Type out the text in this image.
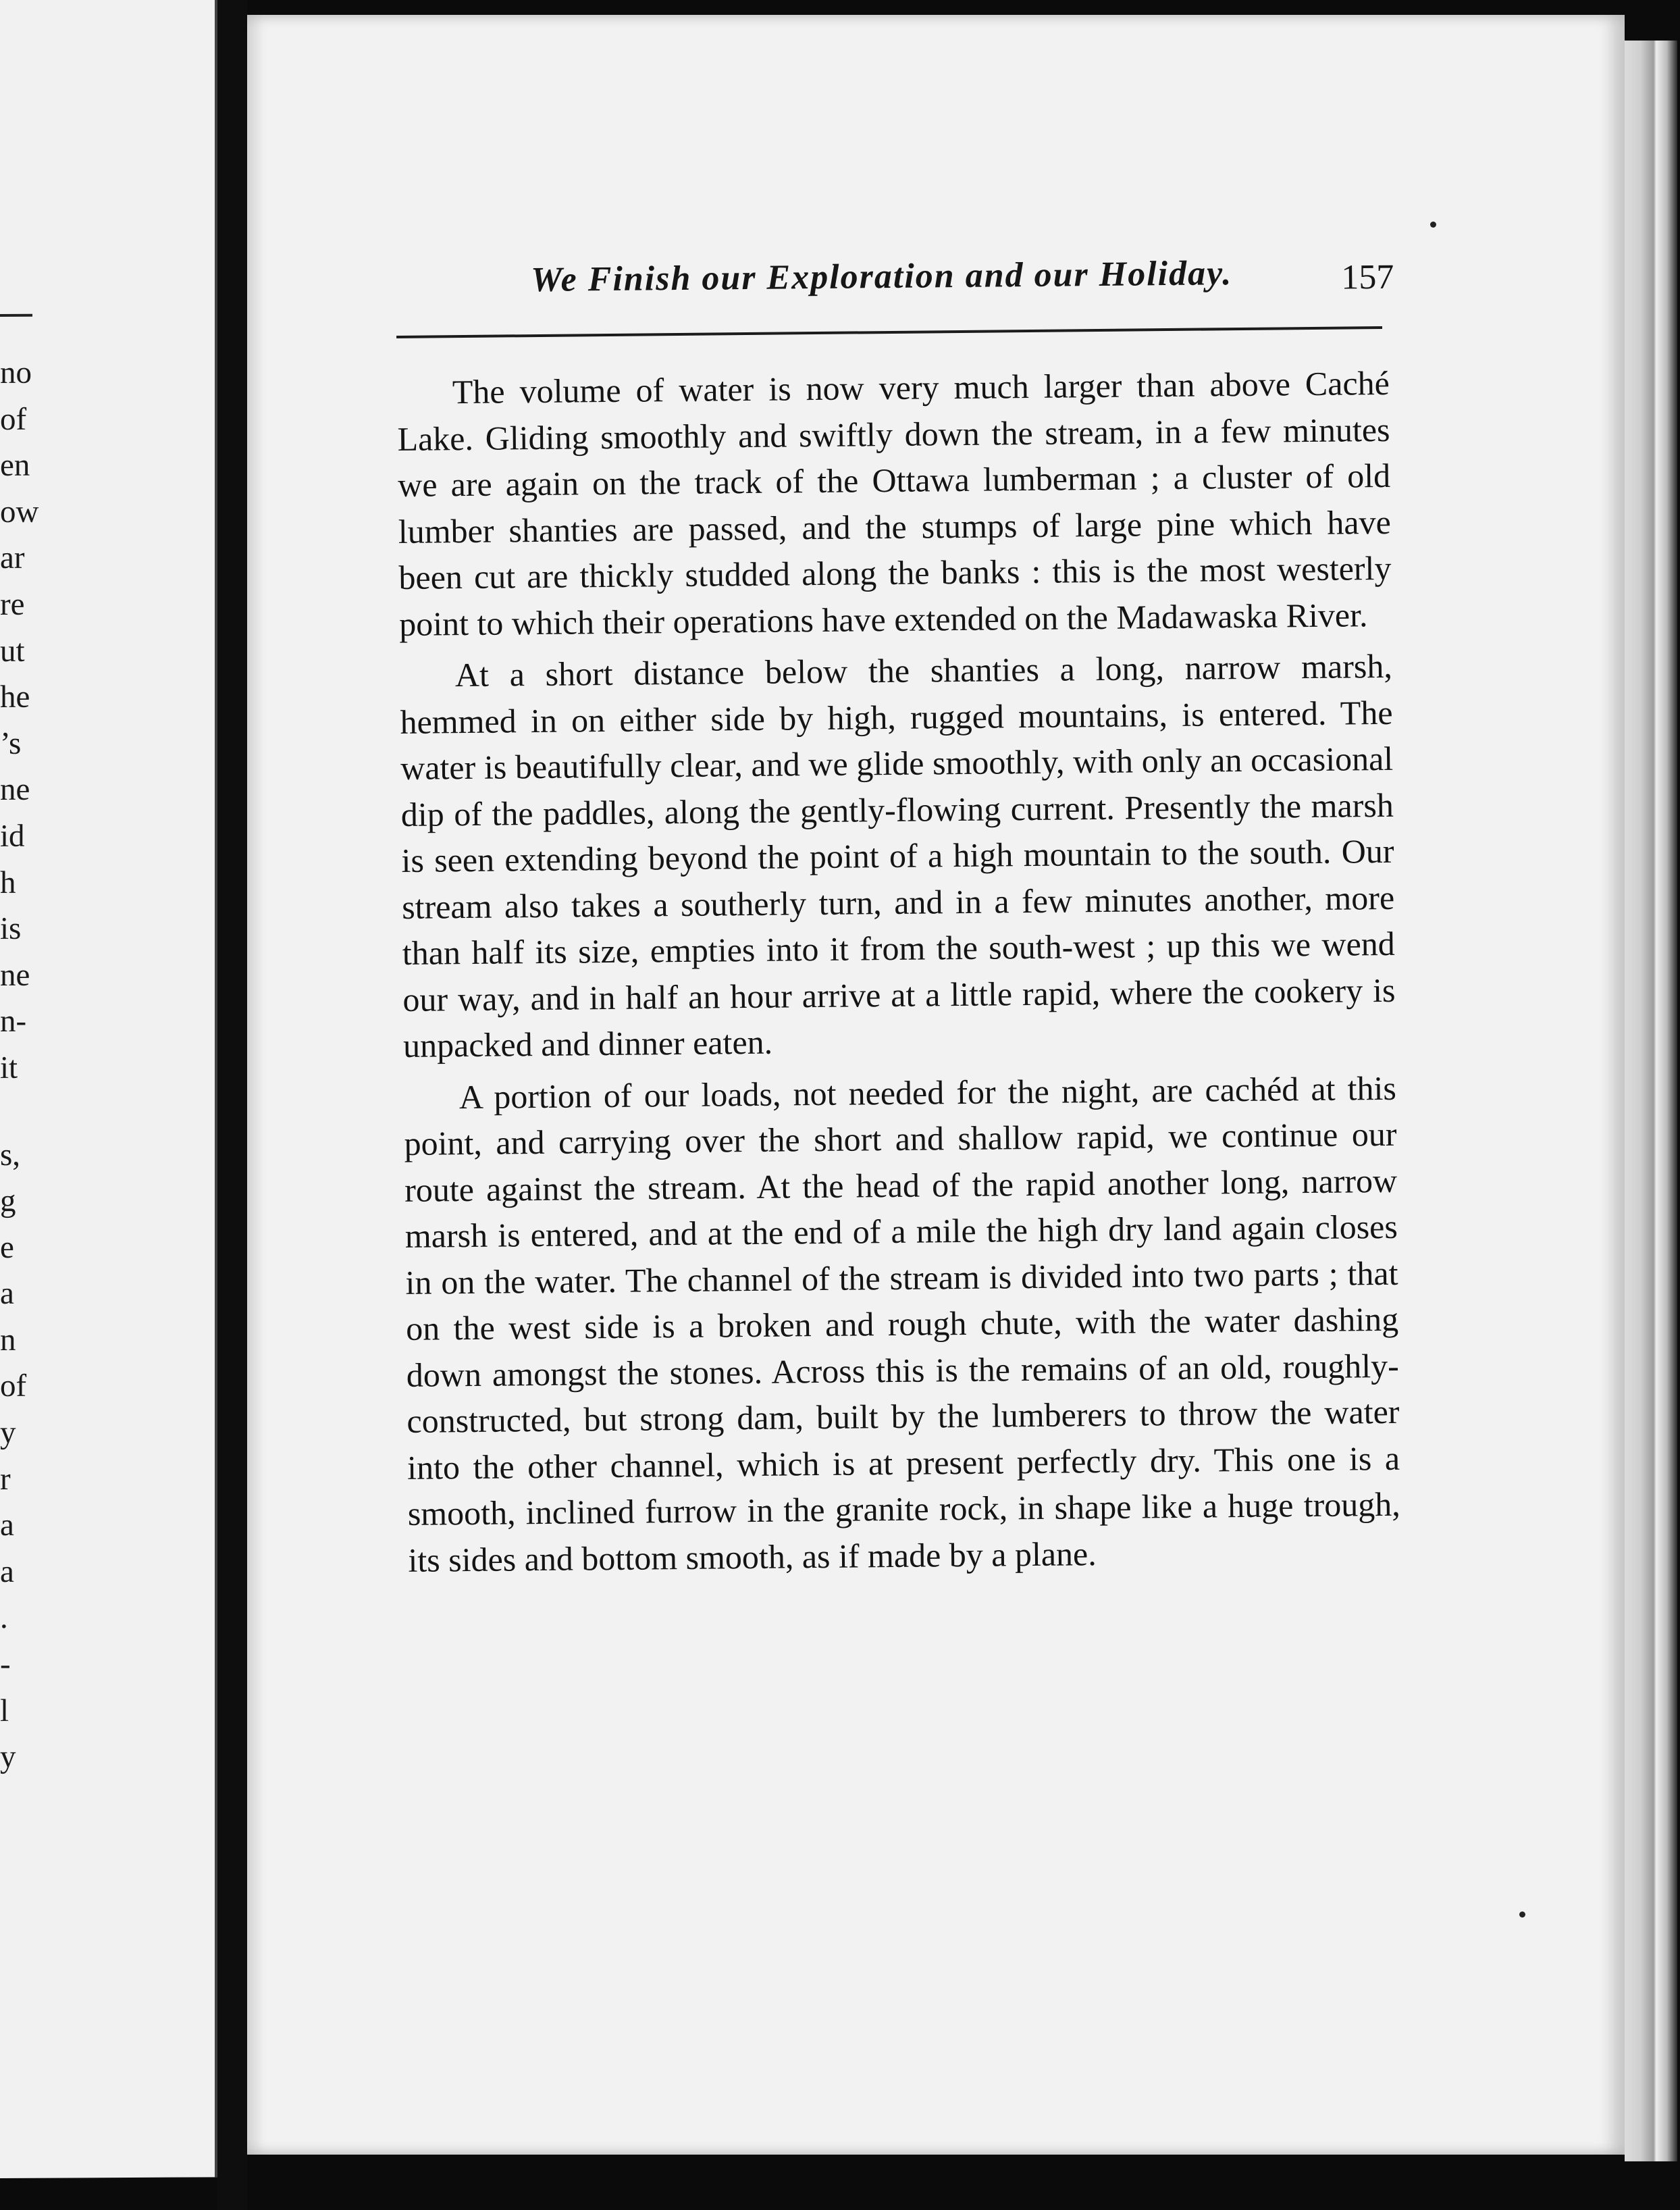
no
of
en
ow
ar
re
ut
he
’s
ne
id
h
is
ne
n-
it
s,
g
e
a
n
of
y
r
a
a
.
-
l
y
We Finish our Exploration and our Holiday.	157

The volume of water is now very much larger than above Caché Lake. Gliding smoothly and swiftly down the stream, in a few minutes we are again on the track of the Ottawa lumberman ; a cluster of old lumber shanties are passed, and the stumps of large pine which have been cut are thickly studded along the banks : this is the most westerly point to which their operations have extended on the Madawaska River.

At a short distance below the shanties a long, narrow marsh, hemmed in on either side by high, rugged mountains, is entered. The water is beautifully clear, and we glide smoothly, with only an occasional dip of the paddles, along the gently-flowing current. Presently the marsh is seen extending beyond the point of a high mountain to the south. Our stream also takes a southerly turn, and in a few minutes another, more than half its size, empties into it from the south-west ; up this we wend our way, and in half an hour arrive at a little rapid, where the cookery is unpacked and dinner eaten.

A portion of our loads, not needed for the night, are cachéd at this point, and carrying over the short and shallow rapid, we continue our route against the stream. At the head of the rapid another long, narrow marsh is entered, and at the end of a mile the high dry land again closes in on the water. The channel of the stream is divided into two parts ; that on the west side is a broken and rough chute, with the water dashing down amongst the stones. Across this is the remains of an old, roughly-constructed, but strong dam, built by the lumberers to throw the water into the other channel, which is at present perfectly dry. This one is a smooth, inclined furrow in the granite rock, in shape like a huge trough, its sides and bottom smooth, as if made by a plane.
